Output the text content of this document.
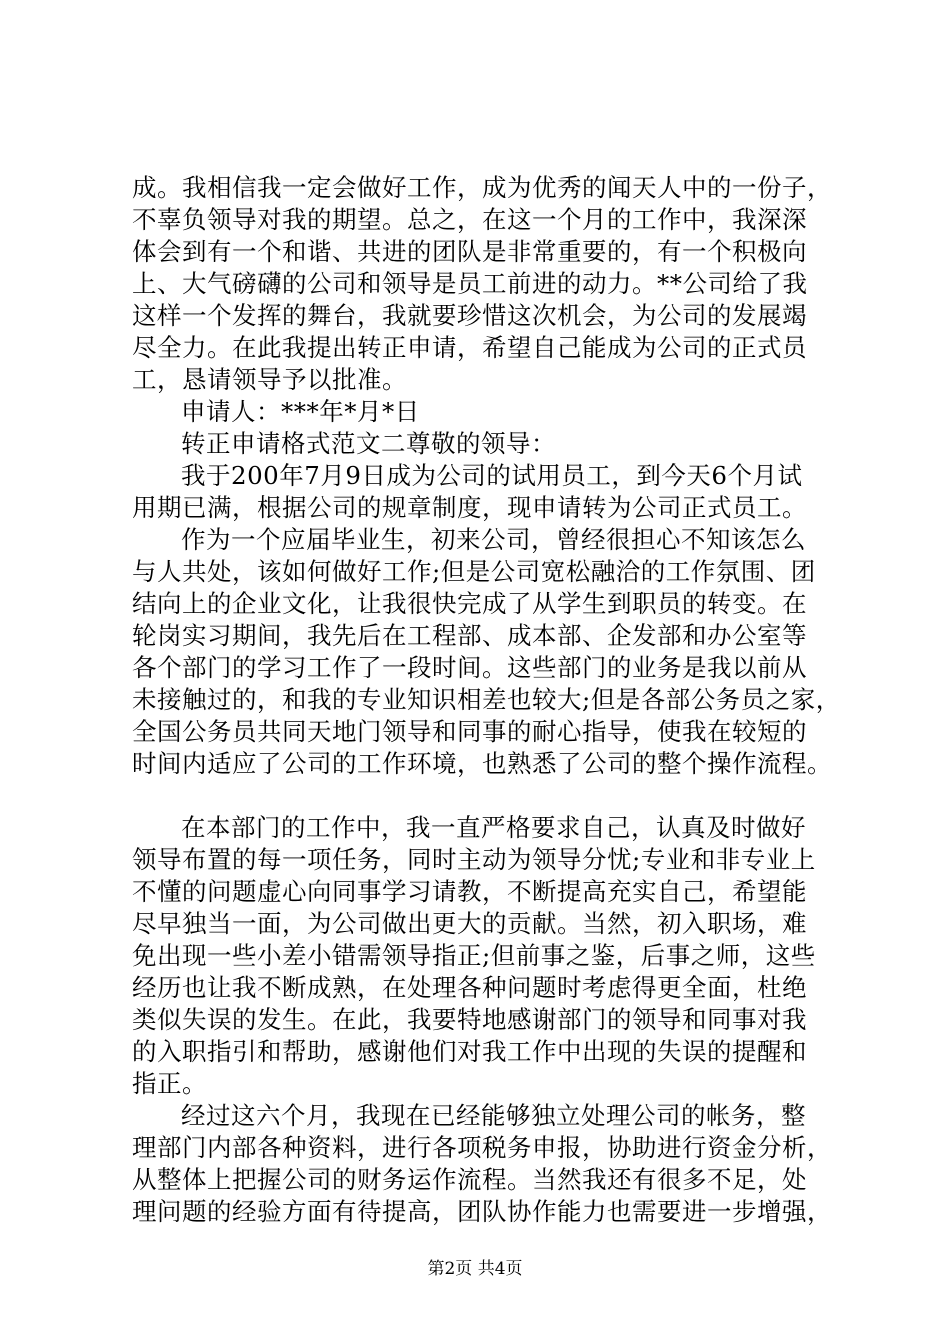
成。我相信我一定会做好工作，成为优秀的闻天人中的一份子，
不辜负领导对我的期望。总之，在这一个月的工作中，我深深
体会到有一个和谐、共进的团队是非常重要的，有一个积极向
上、大气磅礴的公司和领导是员工前进的动力。**公司给了我
这样一个发挥的舞台，我就要珍惜这次机会，为公司的发展竭
尽全力。在此我提出转正申请，希望自己能成为公司的正式员
工，恳请领导予以批准。
申请人：***年*月*日
转正申请格式范文二尊敬的领导：
我于200年7月9日成为公司的试用员工，到今天6个月试
用期已满，根据公司的规章制度，现申请转为公司正式员工。
作为一个应届毕业生，初来公司，曾经很担心不知该怎么
与人共处，该如何做好工作;但是公司宽松融洽的工作氛围、团
结向上的企业文化，让我很快完成了从学生到职员的转变。在
轮岗实习期间，我先后在工程部、成本部、企发部和办公室等
各个部门的学习工作了一段时间。这些部门的业务是我以前从
未接触过的，和我的专业知识相差也较大;但是各部公务员之家，
全国公务员共同天地门领导和同事的耐心指导，使我在较短的
时间内适应了公司的工作环境，也熟悉了公司的整个操作流程。
在本部门的工作中，我一直严格要求自己，认真及时做好
领导布置的每一项任务，同时主动为领导分忧;专业和非专业上
不懂的问题虚心向同事学习请教，不断提高充实自己，希望能
尽早独当一面，为公司做出更大的贡献。当然，初入职场，难
免出现一些小差小错需领导指正;但前事之鉴，后事之师，这些
经历也让我不断成熟，在处理各种问题时考虑得更全面，杜绝
类似失误的发生。在此，我要特地感谢部门的领导和同事对我
的入职指引和帮助，感谢他们对我工作中出现的失误的提醒和
指正。
经过这六个月，我现在已经能够独立处理公司的帐务，整
理部门内部各种资料，进行各项税务申报，协助进行资金分析，
从整体上把握公司的财务运作流程。当然我还有很多不足，处
理问题的经验方面有待提高，团队协作能力也需要进一步增强，
第2页 共4页
